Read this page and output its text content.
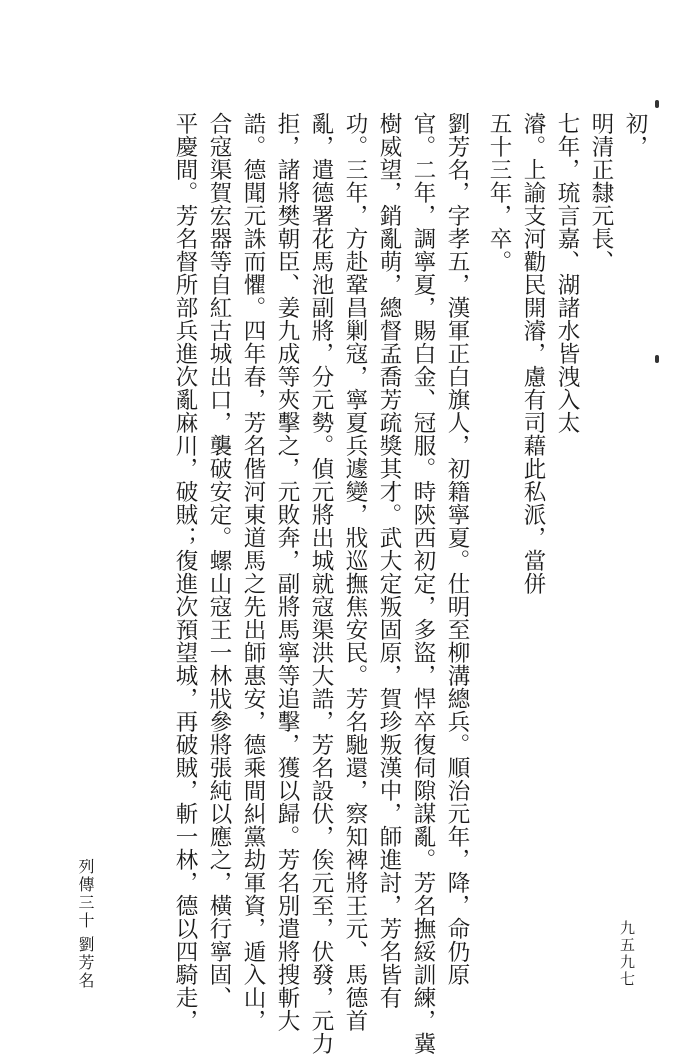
初，
明清正隸元長、
七年，琉言嘉、湖諸水皆洩入太
濬。上諭支河勸民開濬，慮有司藉此私派，當併
五十三年，卒。
劉芳名，字孝五，漢軍正白旗人，初籍寧夏。仕明至柳溝總兵。順治元年，降，命仍原
官。二年，調寧夏，賜白金、冠服。時陝西初定，多盜，悍卒復伺隙謀亂。芳名撫綏訓練，冀
樹威望，銷亂萌，總督孟喬芳疏獎其才。武大定叛固原，賀珍叛漢中，師進討，芳名皆有
功。三年，方赴鞏昌剿寇，寧夏兵遽變，戕巡撫焦安民。芳名馳還，察知裨將王元、馬德首
亂，遣德署花馬池副將，分元勢。偵元將出城就寇渠洪大誥，芳名設伏，俟元至，伏發，元力
拒，諸將樊朝臣、姜九成等夾擊之，元敗奔，副將馬寧等追擊，獲以歸。芳名別遣將搜斬大
誥。德聞元誅而懼。四年春，芳名偕河東道馬之先出師惠安，德乘間糾黨劫軍資，遁入山，
合寇渠賀宏器等自紅古城出口，襲破安定。螺山寇王一林戕參將張純以應之，橫行寧固、
平慶間。芳名督所部兵進次亂麻川，破賊；復進次預望城，再破賊，斬一林，德以四騎走，
列傳三十
劉芳名	九五九七
